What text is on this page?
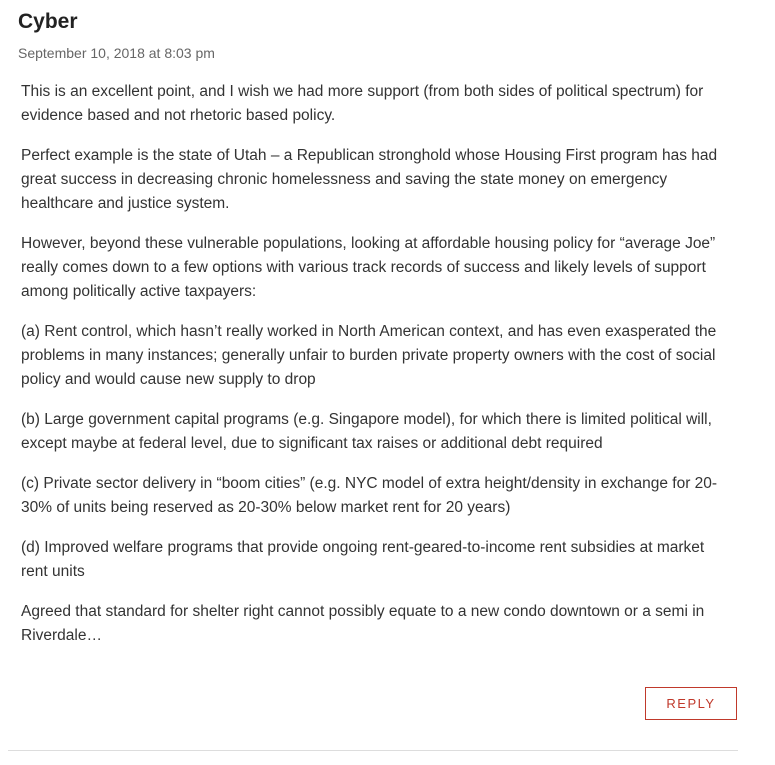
Cyber
September 10, 2018 at 8:03 pm

This is an excellent point, and I wish we had more support (from both sides of political spectrum) for evidence based and not rhetoric based policy.

Perfect example is the state of Utah – a Republican stronghold whose Housing First program has had great success in decreasing chronic homelessness and saving the state money on emergency healthcare and justice system.

However, beyond these vulnerable populations, looking at affordable housing policy for “average Joe” really comes down to a few options with various track records of success and likely levels of support among politically active taxpayers:

(a) Rent control, which hasn’t really worked in North American context, and has even exasperated the problems in many instances; generally unfair to burden private property owners with the cost of social policy and would cause new supply to drop

(b) Large government capital programs (e.g. Singapore model), for which there is limited political will, except maybe at federal level, due to significant tax raises or additional debt required

(c) Private sector delivery in “boom cities” (e.g. NYC model of extra height/density in exchange for 20-30% of units being reserved as 20-30% below market rent for 20 years)

(d) Improved welfare programs that provide ongoing rent-geared-to-income rent subsidies at market rent units

Agreed that standard for shelter right cannot possibly equate to a new condo downtown or a semi in Riverdale…

REPLY
